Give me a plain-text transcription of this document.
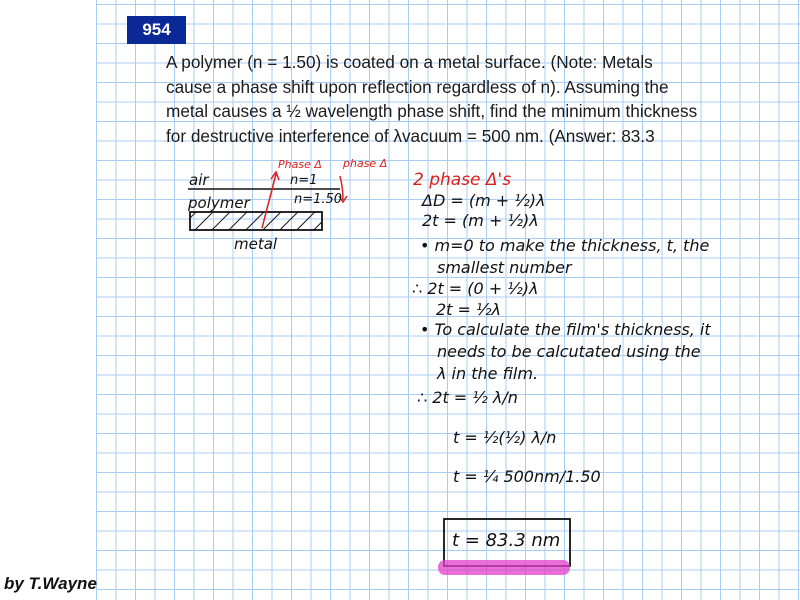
954
A polymer (n = 1.50) is coated on a metal surface. (Note: Metals
cause a phase shift upon reflection regardless of n). Assuming the
metal causes a ½ wavelength phase shift, find the minimum thickness
for destructive interference of λvacuum = 500 nm. (Answer: 83.3
air
polymer
metal
n=1
n=1.50
Phase Δ phase Δ
2 phase Δ's
ΔD = (m + ½)λ
2t = (m + ½)λ
• m=0 to make the thickness, t, the
smallest number
∴ 2t = (0 + ½)λ
2t = ½λ
• To calculate the film's thickness, it
needs to be calcutated using the
λ in the film.
∴ 2t = ½ λ/n
t = ½(½) λ/n
t = ¼ 500nm/1.50
t = 83.3 nm
by T.Wayne
